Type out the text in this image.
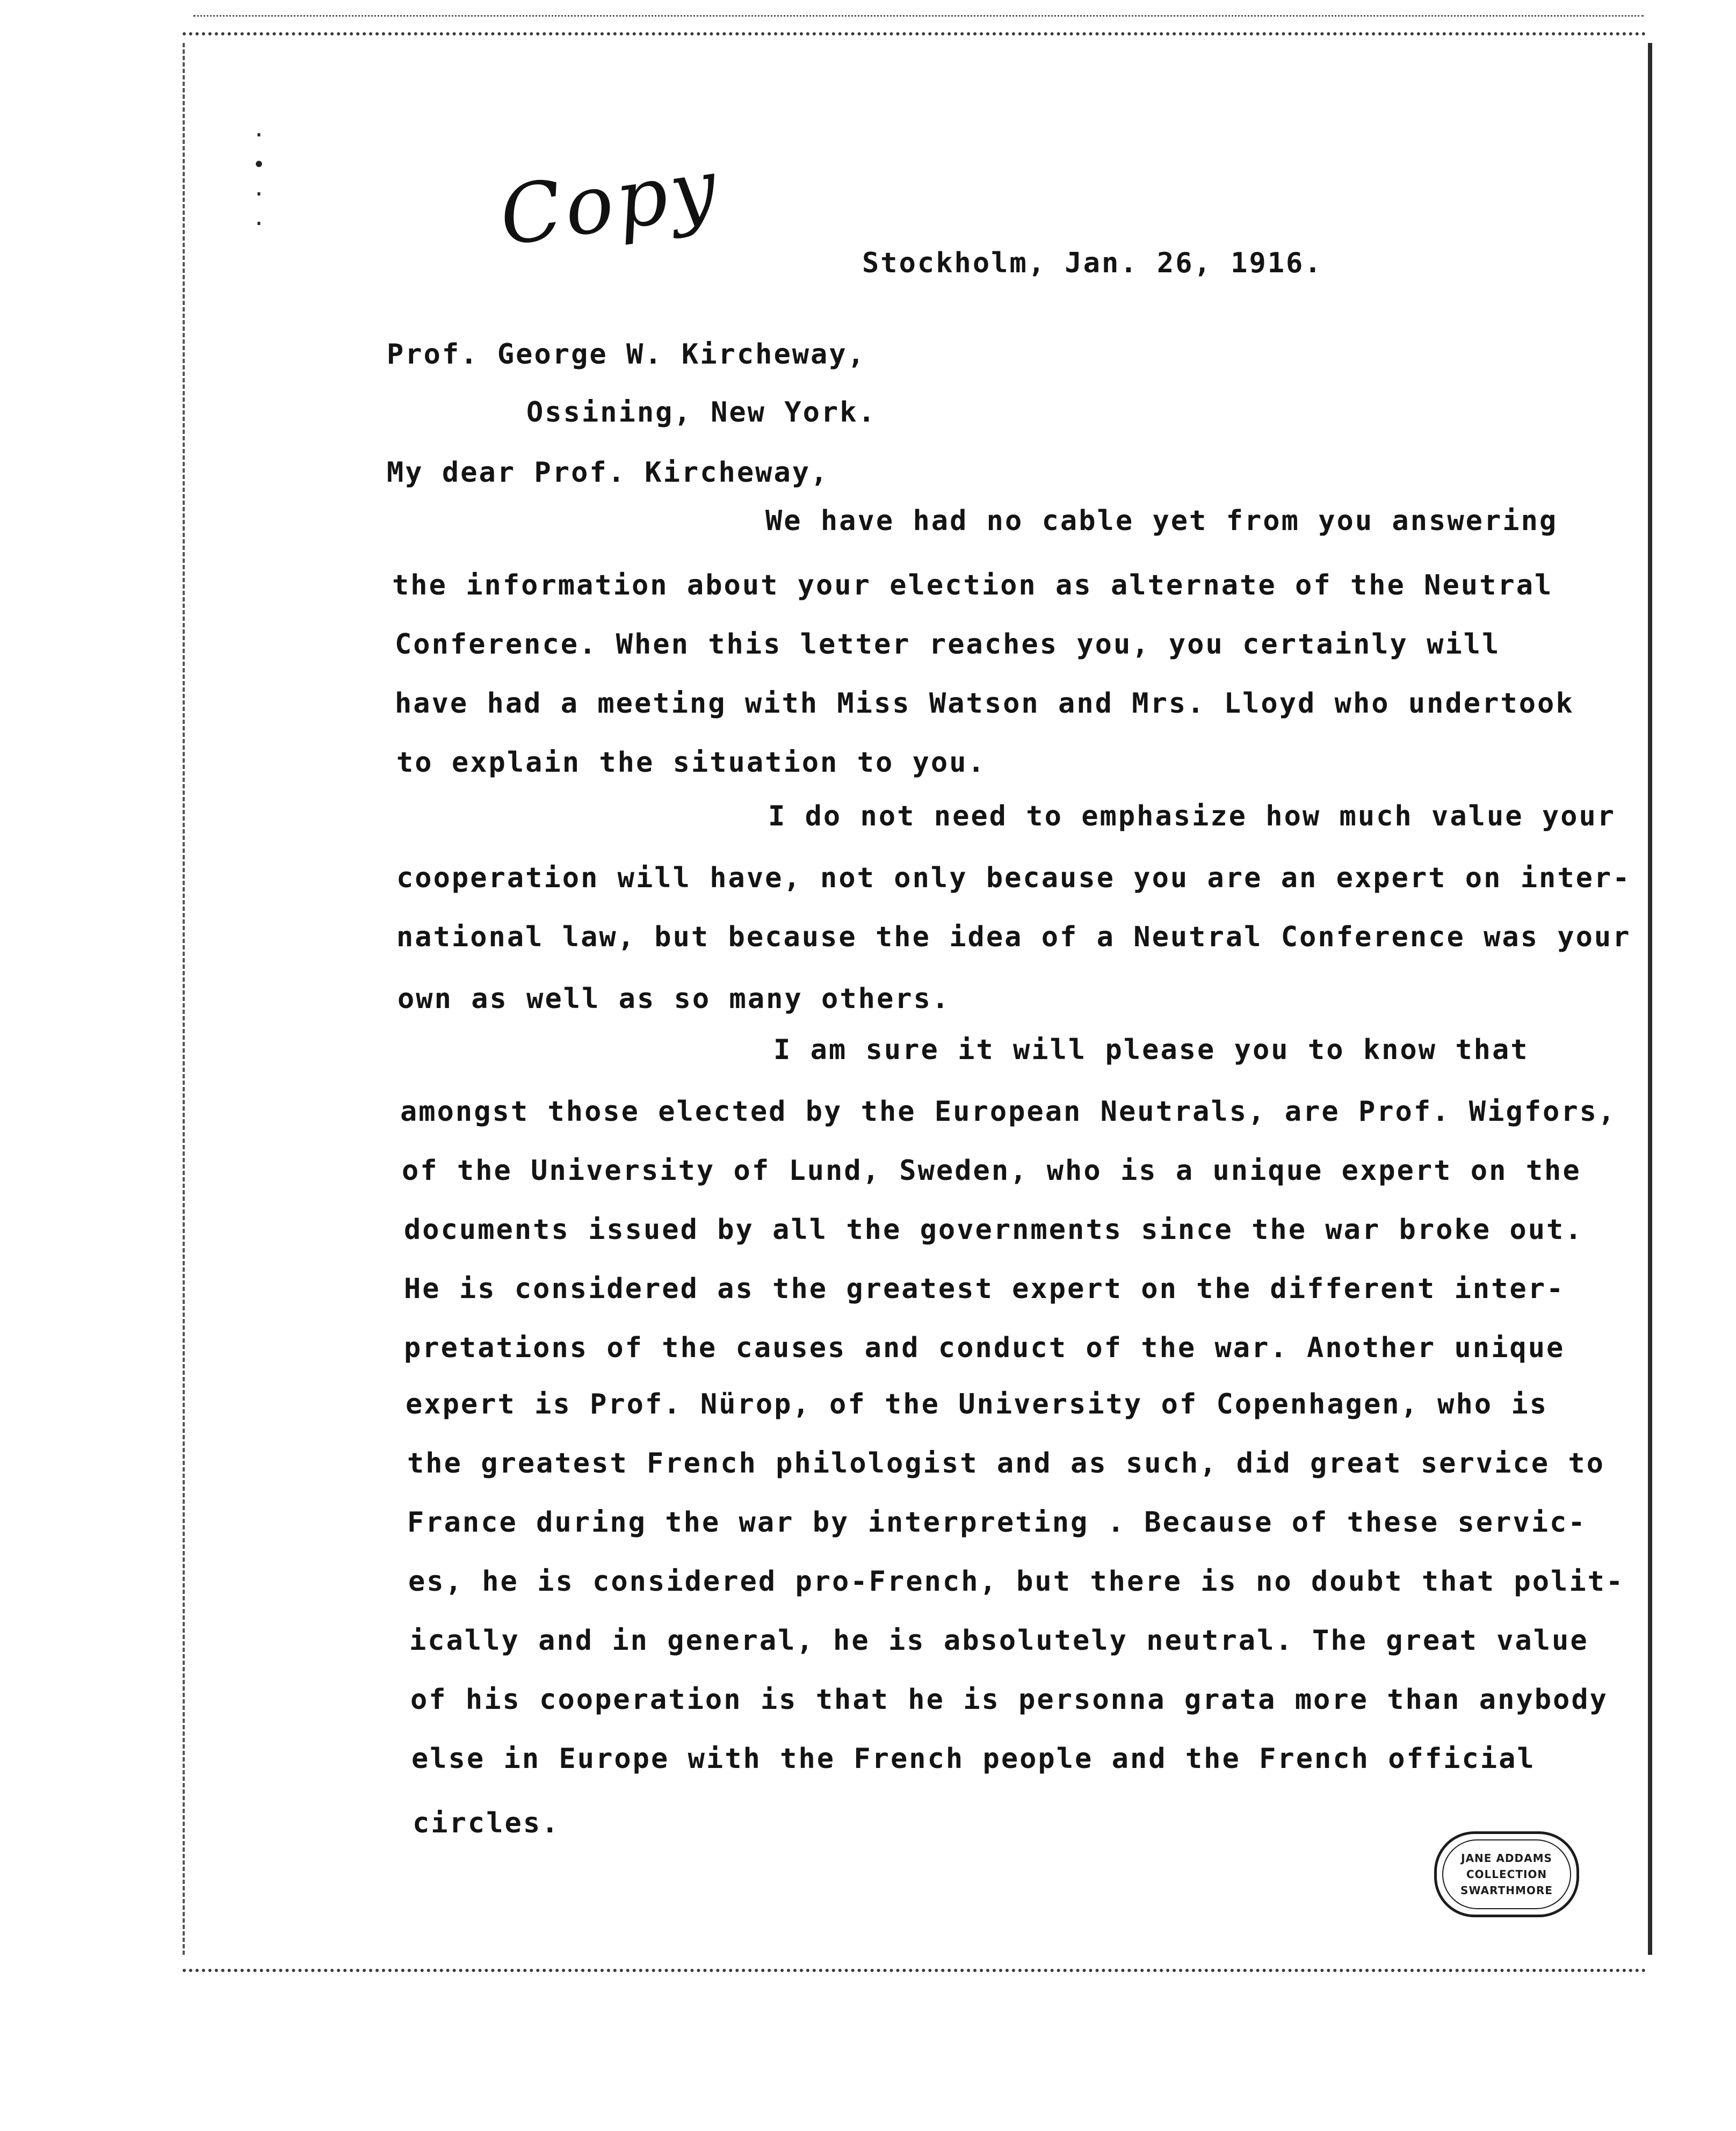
·
•
·
·	Copy	Stockholm, Jan. 26, 1916.
Prof. George W. Kircheway,
Ossining, New York.
My dear Prof. Kircheway,
We have had no cable yet from you answering
the information about your election as alternate of the Neutral
Conference. When this letter reaches you, you certainly will
have had a meeting with Miss Watson and Mrs. Lloyd who undertook
to explain the situation to you.
I do not need to emphasize how much value your
cooperation will have, not only because you are an expert on inter-
national law, but because the idea of a Neutral Conference was your
own as well as so many others.
I am sure it will please you to know that
amongst those elected by the European Neutrals, are Prof. Wigfors,
of the University of Lund, Sweden, who is a unique expert on the
documents issued by all the governments since the war broke out.
He is considered as the greatest expert on the different inter-
pretations of the causes and conduct of the war. Another unique
expert is Prof. Nürop, of the University of Copenhagen, who is
the greatest French philologist and as such, did great service to
France during the war by interpreting . Because of these servic-
es, he is considered pro-French, but there is no doubt that polit-
ically and in general, he is absolutely neutral. The great value
of his cooperation is that he is personna grata more than anybody
else in Europe with the French people and the French official
circles.
JANE ADDAMS
COLLECTION
SWARTHMORE
